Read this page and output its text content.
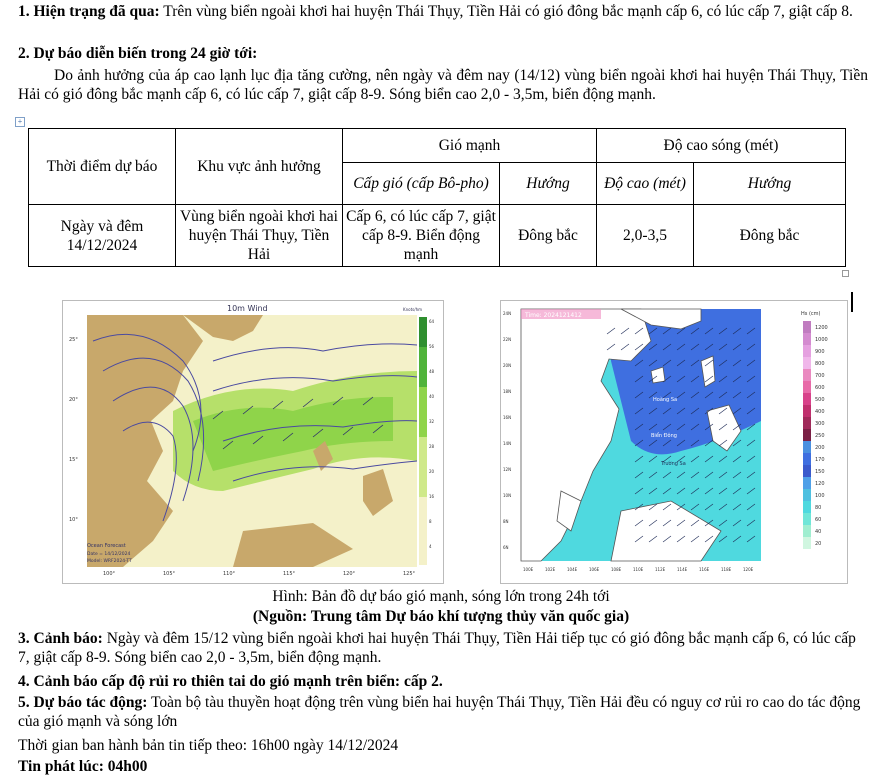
1. Hiện trạng đã qua: Trên vùng biển ngoài khơi hai huyện Thái Thụy, Tiền Hải có gió đông bắc mạnh cấp 6, có lúc cấp 7, giật cấp 8.
2. Dự báo diễn biến trong 24 giờ tới:
Do ảnh hưởng của áp cao lạnh lục địa tăng cường, nên ngày và đêm nay (14/12) vùng biển ngoài khơi hai huyện Thái Thụy, Tiền Hải có gió đông bắc mạnh cấp 6, có lúc cấp 7, giật cấp 8-9. Sóng biển cao 2,0 - 3,5m, biển động mạnh.
+
Thời điểm dự báo	Khu vực ảnh hưởng	Gió mạnh		Độ cao sóng (mét)	
		Cấp gió (cấp Bô-pho)	Hướng	Độ cao (mét)	Hướng
Ngày và đêm 14/12/2024	Vùng biển ngoài khơi hai huyện Thái Thụy, Tiền Hải	Cấp 6, có lúc cấp 7, giật cấp 8-9. Biển động mạnh	Đông bắc	2,0-3,5	Đông bắc
10m Wind	Knots/hm
Ocean Forecast
Date = 14/12/2024
Model: WRF2024-TT
100°	105°	110°	115°	120°	125°
25°
20°
15°
10°
64
56
48
40
32
28
20
16
8
4
Time: 2024121412
Hoàng Sa
Biển Đông
Trường Sa
Hs (cm)
1200
1000
900
800
700
600
500
400
300
250
200
170
150
120
100
80
60
40
20
100E	102E	104E	106E	108E	110E	112E	114E	116E	118E	120E
24N
22N
20N
18N
16N
14N
12N
10N
8N
6N
Hình: Bản đồ dự báo gió mạnh, sóng lớn trong 24h tới
(Nguồn: Trung tâm Dự báo khí tượng thủy văn quốc gia)
3. Cảnh báo: Ngày và đêm 15/12 vùng biển ngoài khơi hai huyện Thái Thụy, Tiền Hải tiếp tục có gió đông bắc mạnh cấp 6, có lúc cấp 7, giật cấp 8-9. Sóng biển cao 2,0 - 3,5m, biển động mạnh.
4. Cảnh báo cấp độ rủi ro thiên tai do gió mạnh trên biển: cấp 2.
5. Dự báo tác động: Toàn bộ tàu thuyền hoạt động trên vùng biển hai huyện Thái Thụy, Tiền Hải đều có nguy cơ rủi ro cao do tác động của gió mạnh và sóng lớn
Thời gian ban hành bản tin tiếp theo: 16h00 ngày 14/12/2024
Tin phát lúc: 04h00
